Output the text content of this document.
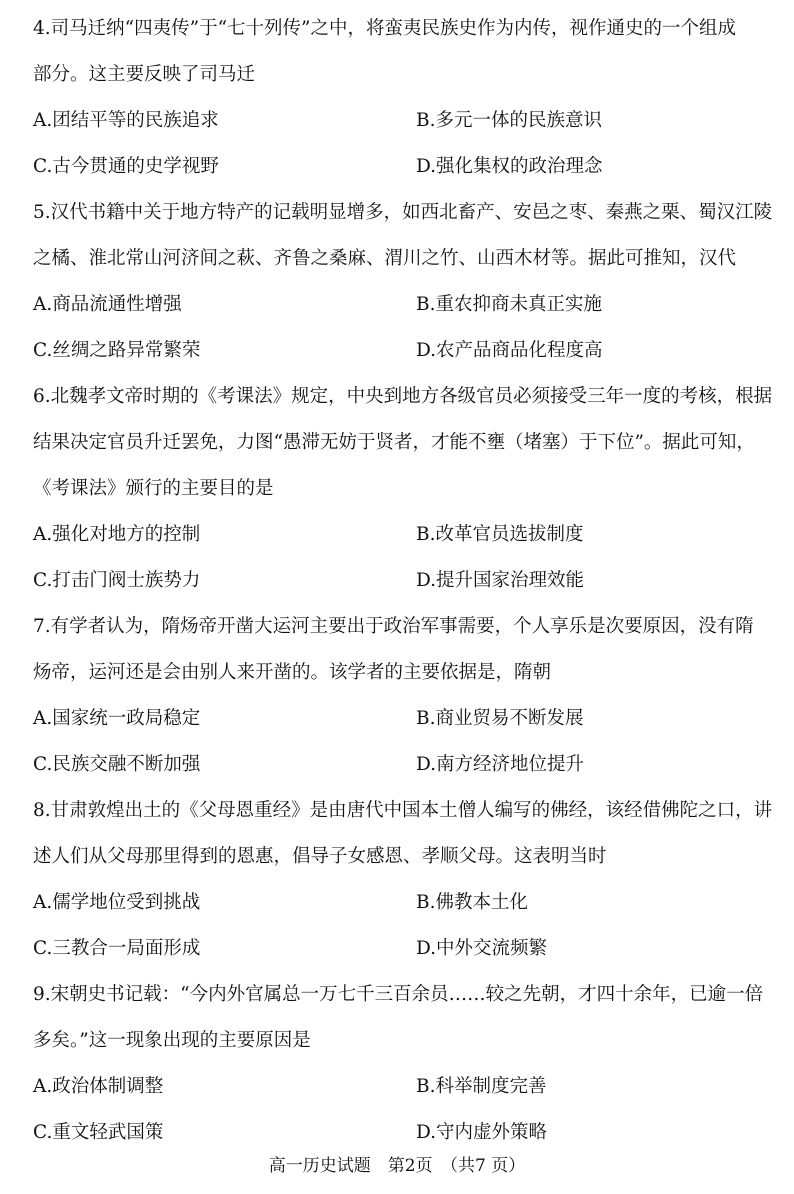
4.司马迁纳“四夷传”于“七十列传”之中，将蛮夷民族史作为内传，视作通史的一个组成
部分。这主要反映了司马迁
A.团结平等的民族追求	B.多元一体的民族意识
C.古今贯通的史学视野	D.强化集权的政治理念
5.汉代书籍中关于地方特产的记载明显增多，如西北畜产、安邑之枣、秦燕之栗、蜀汉江陵
之橘、淮北常山河济间之萩、齐鲁之桑麻、渭川之竹、山西木材等。据此可推知，汉代
A.商品流通性增强	B.重农抑商未真正实施
C.丝绸之路异常繁荣	D.农产品商品化程度高
6.北魏孝文帝时期的《考课法》规定，中央到地方各级官员必须接受三年一度的考核，根据
结果决定官员升迁罢免，力图“愚滞无妨于贤者，才能不壅（堵塞）于下位”。据此可知，
《考课法》颁行的主要目的是
A.强化对地方的控制	B.改革官员选拔制度
C.打击门阀士族势力	D.提升国家治理效能
7.有学者认为，隋炀帝开凿大运河主要出于政治军事需要，个人享乐是次要原因，没有隋
炀帝，运河还是会由别人来开凿的。该学者的主要依据是，隋朝
A.国家统一政局稳定	B.商业贸易不断发展
C.民族交融不断加强	D.南方经济地位提升
8.甘肃敦煌出土的《父母恩重经》是由唐代中国本土僧人编写的佛经，该经借佛陀之口，讲
述人们从父母那里得到的恩惠，倡导子女感恩、孝顺父母。这表明当时
A.儒学地位受到挑战	B.佛教本土化
C.三教合一局面形成	D.中外交流频繁
9.宋朝史书记载：“今内外官属总一万七千三百余员……较之先朝，才四十余年，已逾一倍
多矣。”这一现象出现的主要原因是
A.政治体制调整	B.科举制度完善
C.重文轻武国策	D.守内虚外策略
高一历史试题　第2页　（共7 页）
